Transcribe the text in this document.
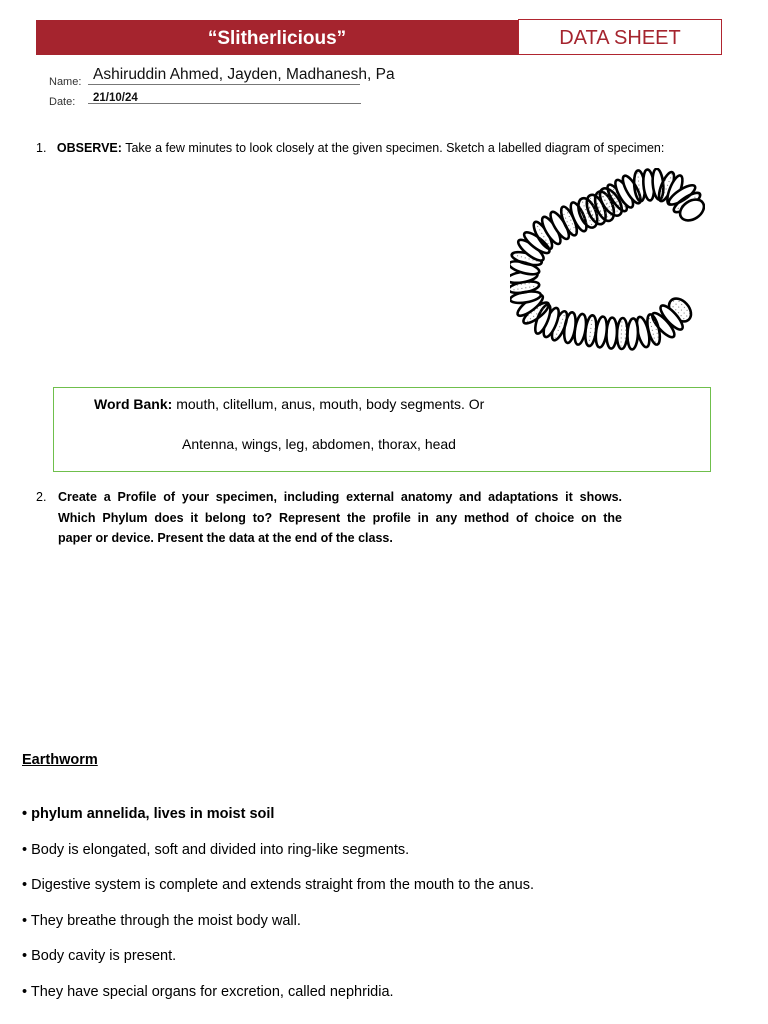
“Slitherlicious”	DATA SHEET
Name: Ashiruddin Ahmed, Jayden, Madhanesh, Pa
Date: 21/10/24
1. OBSERVE: Take a few minutes to look closely at the given specimen. Sketch a labelled diagram of specimen:
Word Bank: mouth, clitellum, anus, mouth, body segments. Or
Antenna, wings, leg, abdomen, thorax, head
2. Create a Profile of your specimen, including external anatomy and adaptations it shows.
Which Phylum does it belong to? Represent the profile in any method of choice on the
paper or device. Present the data at the end of the class.
Earthworm
• phylum annelida, lives in moist soil
• Body is elongated, soft and divided into ring-like segments.
• Digestive system is complete and extends straight from the mouth to the anus.
• They breathe through the moist body wall.
• Body cavity is present.
• They have special organs for excretion, called nephridia.
